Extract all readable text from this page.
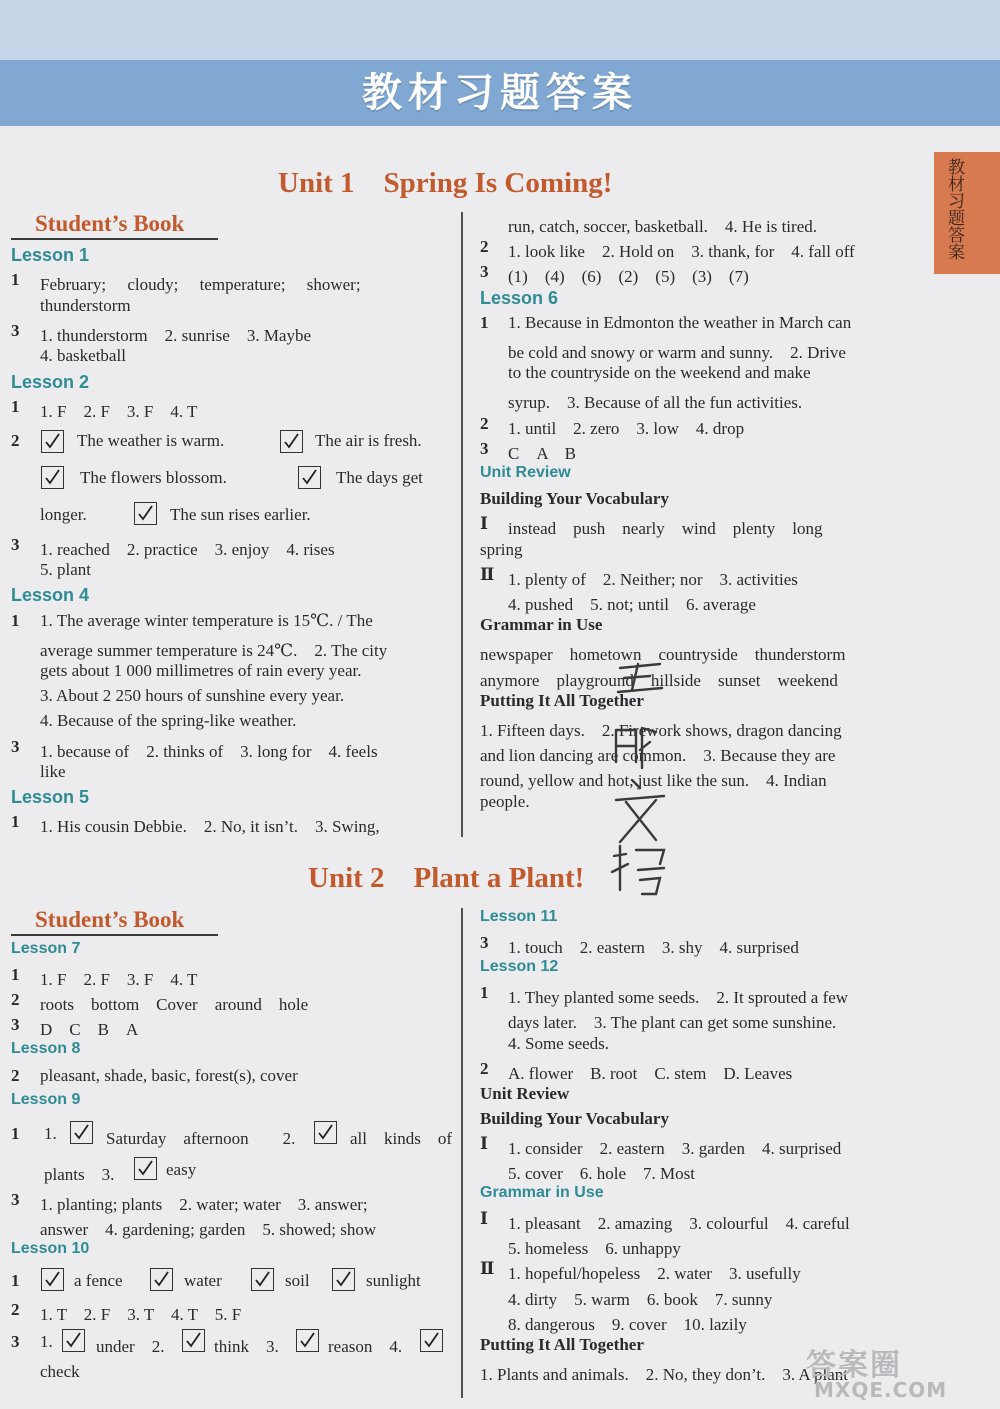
教材习题答案
教材习题答案
Unit 1　Spring Is Coming!
Student’s Book
Lesson 1
1 February;　 cloudy;　 temperature;　 shower;
thunderstorm
3 1. thunderstorm　2. sunrise　3. Maybe
4. basketball
Lesson 2
1 1. F　2. F　3. F　4. T
2	The weather is warm.	The air is fresh.
The flowers blossom.	The days get
longer.	The sun rises earlier.
3 1. reached　2. practice　3. enjoy　4. rises
5. plant
Lesson 4
1 1. The average winter temperature is 15℃. / The
average summer temperature is 24℃.　2. The city
gets about 1 000 millimetres of rain every year.
3. About 2 250 hours of sunshine every year.
4. Because of the spring-like weather.
3 1. because of　2. thinks of　3. long for　4. feels
like
Lesson 5
1 1. His cousin Debbie.　2. No, it isn’t.　3. Swing,
run, catch, soccer, basketball.　4. He is tired.
2 1. look like　2. Hold on　3. thank, for　4. fall off
3 (1)　(4)　(6)　(2)　(5)　(3)　(7)
Lesson 6
1 1. Because in Edmonton the weather in March can
be cold and snowy or warm and sunny.　2. Drive
to the countryside on the weekend and make
syrup.　3. Because of all the fun activities.
2 1. until　2. zero　3. low　4. drop
3 C　A　B
Unit Review
Building Your Vocabulary
Ⅰ instead　push　nearly　wind　plenty　long
spring
Ⅱ 1. plenty of　2. Neither; nor　3. activities
4. pushed　5. not; until　6. average
Grammar in Use
newspaper　hometown　countryside　thunderstorm
anymore　playground　hillside　sunset　weekend
Putting It All Together
1. Fifteen days.　2. Firework shows, dragon dancing
and lion dancing are common.　3. Because they are
round, yellow and hot, just like the sun.　4. Indian
people.
Unit 2　Plant a Plant!
Student’s Book
Lesson 7
1 1. F　2. F　3. F　4. T
2 roots　bottom　Cover　around　hole
3 D　C　B　A
Lesson 8
2 pleasant, shade, basic, forest(s), cover
Lesson 9
1 1.	Saturday　afternoon　　2.	all　kinds　of
plants　3.	easy
3 1. planting; plants　2. water; water　3. answer;
answer　4. gardening; garden　5. showed; show
Lesson 10
1	a fence	water	soil	sunlight
2 1. T　2. F　3. T　4. T　5. F
3 1.	under　2.	think　3.	reason　4.
check
Lesson 11
3 1. touch　2. eastern　3. shy　4. surprised
Lesson 12
1 1. They planted some seeds.　2. It sprouted a few
days later.　3. The plant can get some sunshine.
4. Some seeds.
2 A. flower　B. root　C. stem　D. Leaves
Unit Review
Building Your Vocabulary
Ⅰ 1. consider　2. eastern　3. garden　4. surprised
5. cover　6. hole　7. Most
Grammar in Use
Ⅰ 1. pleasant　2. amazing　3. colourful　4. careful
5. homeless　6. unhappy
Ⅱ 1. hopeful/hopeless　2. water　3. usefully
4. dirty　5. warm　6. book　7. sunny
8. dangerous　9. cover　10. lazily
Putting It All Together
1. Plants and animals.　2. No, they don’t.　3. A plant
答案圈
MXQE.COM
